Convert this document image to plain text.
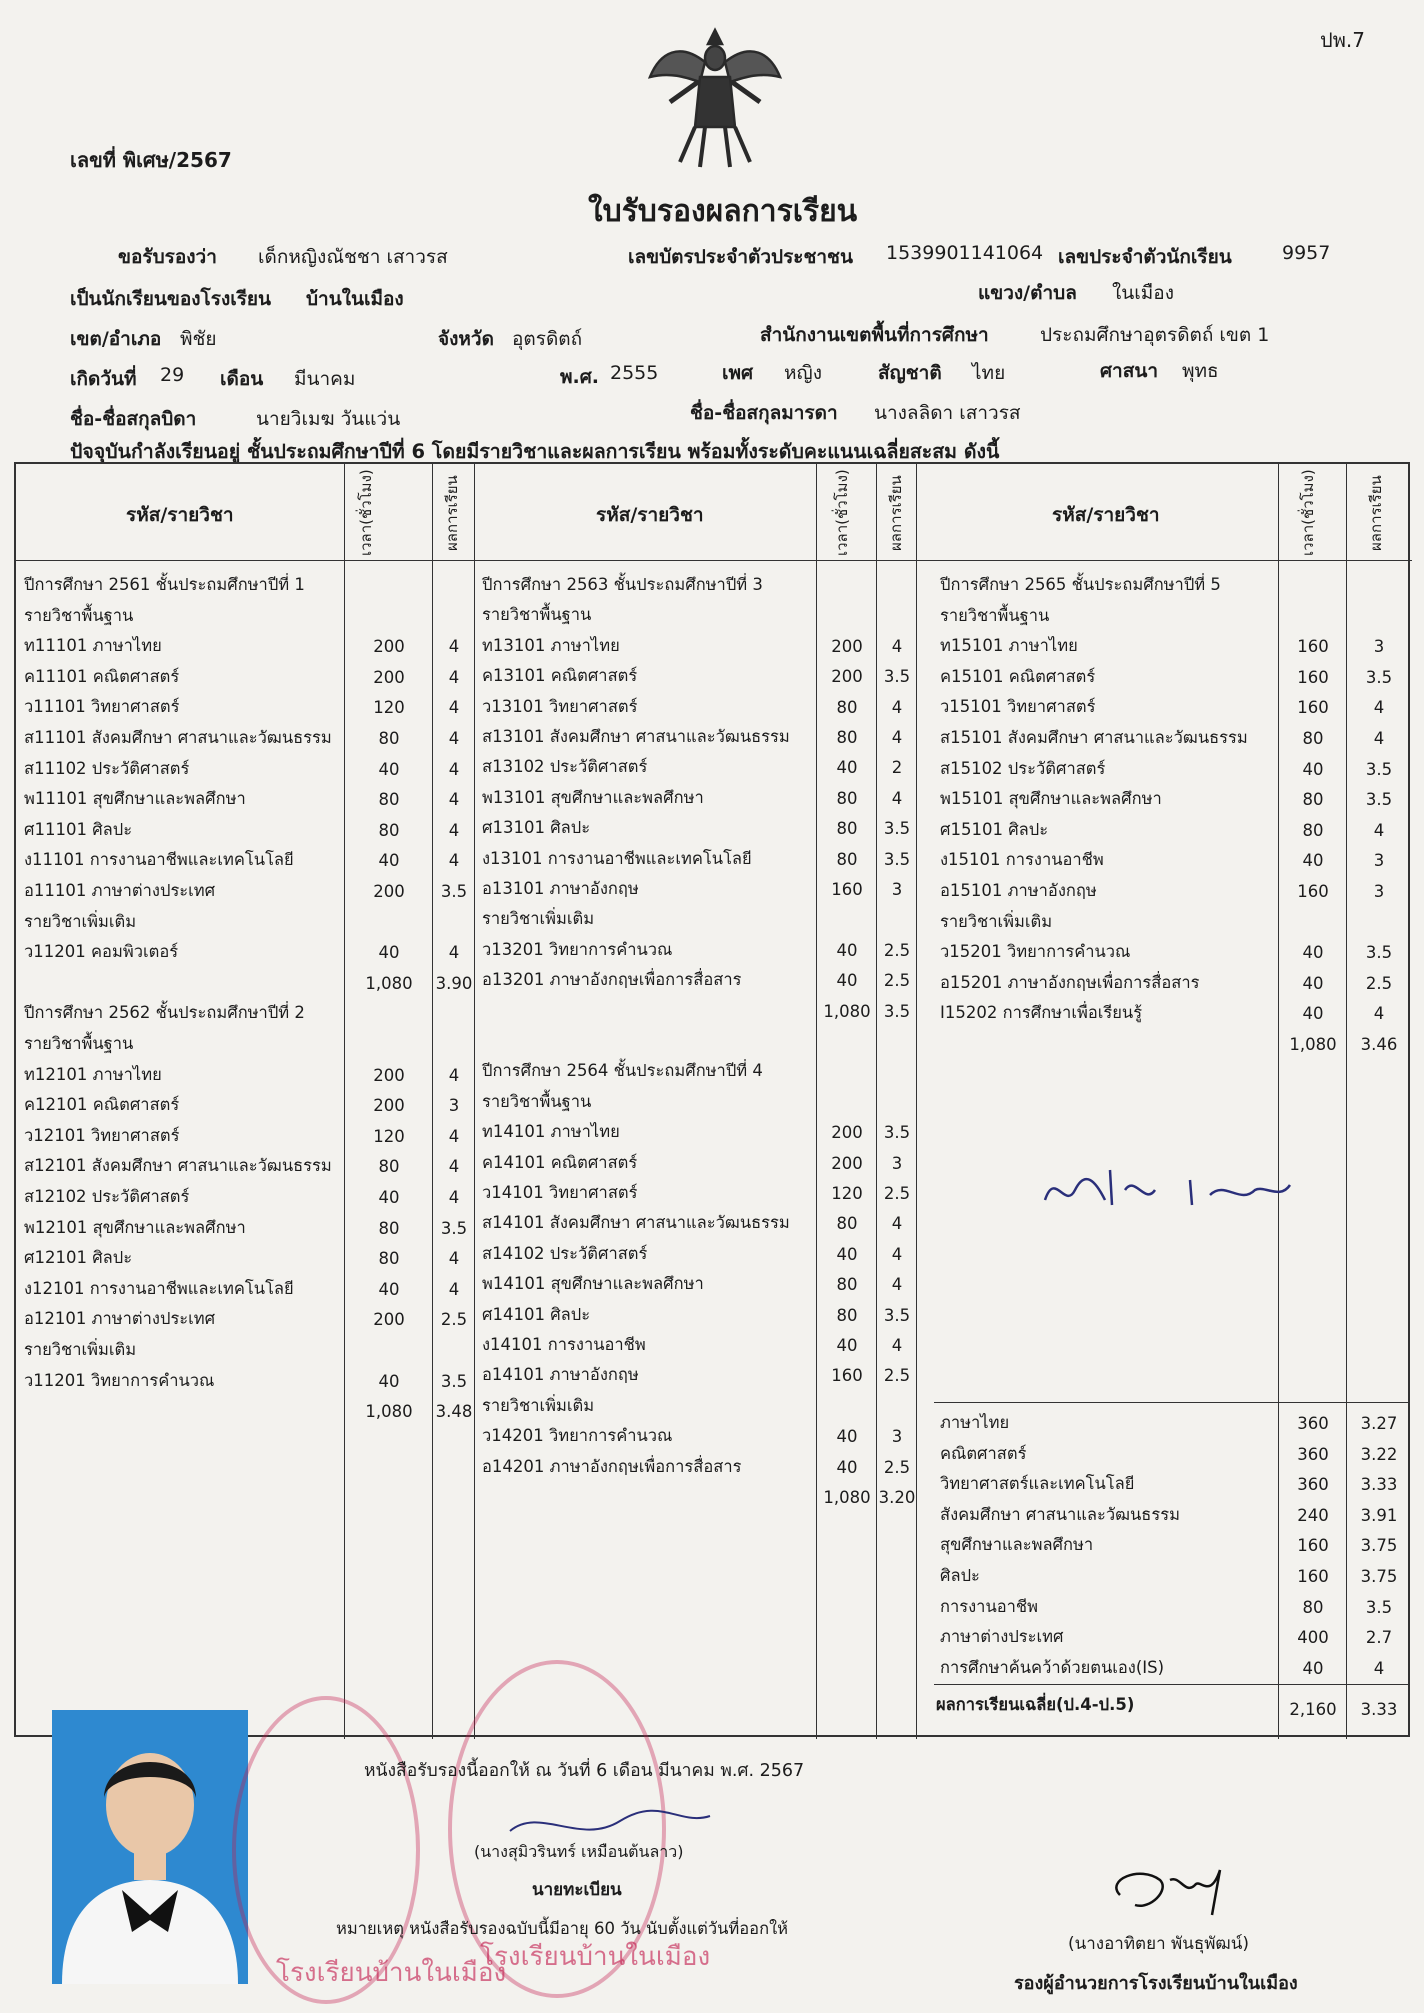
ปพ.7
เลขที่ พิเศษ/2567
ใบรับรองผลการเรียน
ขอรับรองว่า เด็กหญิงณัชชา เสาวรส	เลขบัตรประจำตัวประชาชน 1539901141064 เลขประจำตัวนักเรียน	9957
เป็นนักเรียนของโรงเรียน บ้านในเมือง	แขวง/ตำบล ในเมือง
เขต/อำเภอ พิชัย	จังหวัด อุตรดิตถ์	สำนักงานเขตพื้นที่การศึกษา	ประถมศึกษาอุตรดิตถ์ เขต 1
เกิดวันที่ 29 เดือน มีนาคม	พ.ศ. 2555	เพศ หญิง	สัญชาติ ไทย	ศาสนา พุทธ
ชื่อ-ชื่อสกุลบิดา	นายวิเมฆ วันแว่น	ชื่อ-ชื่อสกุลมารดา นางลลิดา เสาวรส
ปัจจุบันกำลังเรียนอยู่ ชั้นประถมศึกษาปีที่ 6 โดยมีรายวิชาและผลการเรียน พร้อมทั้งระดับคะแนนเฉลี่ยสะสม ดังนี้
รหัส/รายวิชา	เวลา(ชั่วโมง)	ผลการเรียน	รหัส/รายวิชา	เวลา(ชั่วโมง)	ผลการเรียน	รหัส/รายวิชา	เวลา(ชั่วโมง)	ผลการเรียน
ปีการศึกษา 2561 ชั้นประถมศึกษาปีที่ 1
รายวิชาพื้นฐาน
ท11101 ภาษาไทย	200	4
ค11101 คณิตศาสตร์	200	4
ว11101 วิทยาศาสตร์	120	4
ส11101 สังคมศึกษา ศาสนาและวัฒนธรรม	80	4
ส11102 ประวัติศาสตร์	40	4
พ11101 สุขศึกษาและพลศึกษา	80	4
ศ11101 ศิลปะ	80	4
ง11101 การงานอาชีพและเทคโนโลยี	40	4
อ11101 ภาษาต่างประเทศ	200	3.5
รายวิชาเพิ่มเติม
ว11201 คอมพิวเตอร์	40	4
1,080	3.90
ปีการศึกษา 2562 ชั้นประถมศึกษาปีที่ 2
รายวิชาพื้นฐาน
ท12101 ภาษาไทย	200	4
ค12101 คณิตศาสตร์	200	3
ว12101 วิทยาศาสตร์	120	4
ส12101 สังคมศึกษา ศาสนาและวัฒนธรรม	80	4
ส12102 ประวัติศาสตร์	40	4
พ12101 สุขศึกษาและพลศึกษา	80	3.5
ศ12101 ศิลปะ	80	4
ง12101 การงานอาชีพและเทคโนโลยี	40	4
อ12101 ภาษาต่างประเทศ	200	2.5
รายวิชาเพิ่มเติม
ว11201 วิทยาการคำนวณ	40	3.5
1,080	3.48
ปีการศึกษา 2563 ชั้นประถมศึกษาปีที่ 3
รายวิชาพื้นฐาน
ท13101 ภาษาไทย	200	4
ค13101 คณิตศาสตร์	200	3.5
ว13101 วิทยาศาสตร์	80	4
ส13101 สังคมศึกษา ศาสนาและวัฒนธรรม	80	4
ส13102 ประวัติศาสตร์	40	2
พ13101 สุขศึกษาและพลศึกษา	80	4
ศ13101 ศิลปะ	80	3.5
ง13101 การงานอาชีพและเทคโนโลยี	80	3.5
อ13101 ภาษาอังกฤษ	160	3
รายวิชาเพิ่มเติม
ว13201 วิทยาการคำนวณ	40	2.5
อ13201 ภาษาอังกฤษเพื่อการสื่อสาร	40	2.5
1,080 3.5
ปีการศึกษา 2564 ชั้นประถมศึกษาปีที่ 4
รายวิชาพื้นฐาน
ท14101 ภาษาไทย	200	3.5
ค14101 คณิตศาสตร์	200	3
ว14101 วิทยาศาสตร์	120	2.5
ส14101 สังคมศึกษา ศาสนาและวัฒนธรรม	80	4
ส14102 ประวัติศาสตร์	40	4
พ14101 สุขศึกษาและพลศึกษา	80	4
ศ14101 ศิลปะ	80	3.5
ง14101 การงานอาชีพ	40	4
อ14101 ภาษาอังกฤษ	160	2.5
รายวิชาเพิ่มเติม
ว14201 วิทยาการคำนวณ	40	3
อ14201 ภาษาอังกฤษเพื่อการสื่อสาร	40	2.5
1,080 3.20
ปีการศึกษา 2565 ชั้นประถมศึกษาปีที่ 5
รายวิชาพื้นฐาน
ท15101 ภาษาไทย	160	3
ค15101 คณิตศาสตร์	160	3.5
ว15101 วิทยาศาสตร์	160	4
ส15101 สังคมศึกษา ศาสนาและวัฒนธรรม	80	4
ส15102 ประวัติศาสตร์	40	3.5
พ15101 สุขศึกษาและพลศึกษา	80	3.5
ศ15101 ศิลปะ	80	4
ง15101 การงานอาชีพ	40	3
อ15101 ภาษาอังกฤษ	160	3
รายวิชาเพิ่มเติม
ว15201 วิทยาการคำนวณ	40	3.5
อ15201 ภาษาอังกฤษเพื่อการสื่อสาร	40	2.5
I15202 การศึกษาเพื่อเรียนรู้	40	4
1,080	3.46
ภาษาไทย	360	3.27
คณิตศาสตร์	360	3.22
วิทยาศาสตร์และเทคโนโลยี	360	3.33
สังคมศึกษา ศาสนาและวัฒนธรรม	240	3.91
สุขศึกษาและพลศึกษา	160	3.75
ศิลปะ	160	3.75
การงานอาชีพ	80	3.5
ภาษาต่างประเทศ	400	2.7
การศึกษาค้นคว้าด้วยตนเอง(IS)	40	4
ผลการเรียนเฉลี่ย(ป.4-ป.5)	2,160	3.33
โรงเรียนบ้านในเมือง
โรงเรียนบ้านในเมือง
หนังสือรับรองนี้ออกให้ ณ วันที่ 6 เดือน มีนาคม พ.ศ. 2567
(นางสุมิวรินทร์ เหมือนต้นลาว)
นายทะเบียน
หมายเหตุ หนังสือรับรองฉบับนี้มีอายุ 60 วัน นับตั้งแต่วันที่ออกให้
(นางอาทิตยา พันธุพัฒน์)
รองผู้อำนวยการโรงเรียนบ้านในเมือง
